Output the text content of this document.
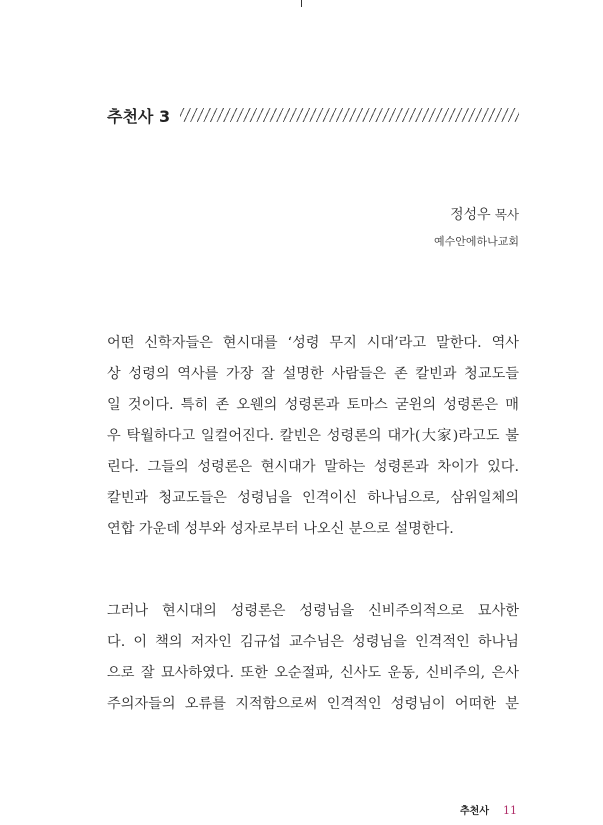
추천사 3
정성우 목사
예수안에하나교회
어떤 신학자들은 현시대를 ‘성령 무지 시대’라고 말한다. 역사
상 성령의 역사를 가장 잘 설명한 사람들은 존 칼빈과 청교도들
일 것이다. 특히 존 오웬의 성령론과 토마스 굳윈의 성령론은 매
우 탁월하다고 일컬어진다. 칼빈은 성령론의 대가(大家)라고도 불
린다. 그들의 성령론은 현시대가 말하는 성령론과 차이가 있다.
칼빈과 청교도들은 성령님을 인격이신 하나님으로, 삼위일체의
연합 가운데 성부와 성자로부터 나오신 분으로 설명한다.
그러나 현시대의 성령론은 성령님을 신비주의적으로 묘사한
다. 이 책의 저자인 김규섭 교수님은 성령님을 인격적인 하나님
으로 잘 묘사하였다. 또한 오순절파, 신사도 운동, 신비주의, 은사
주의자들의 오류를 지적함으로써 인격적인 성령님이 어떠한 분
추천사 11
